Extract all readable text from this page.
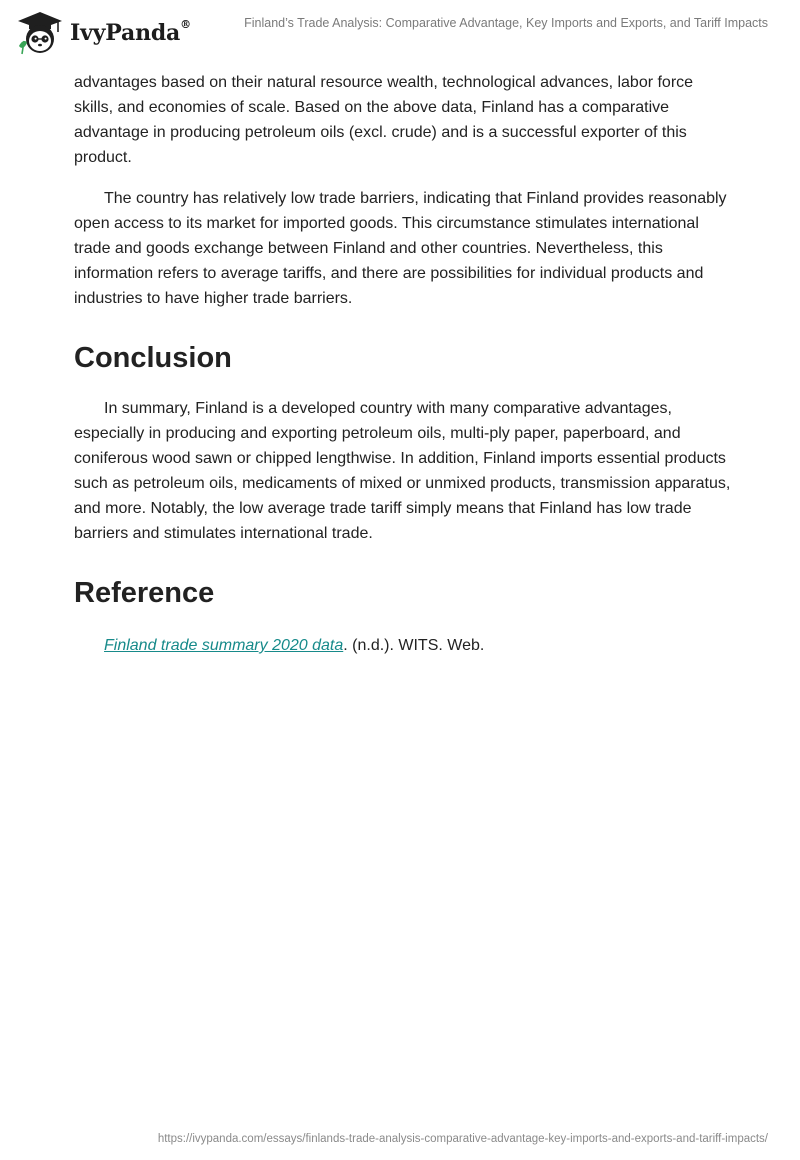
IvyPanda®	Finland’s Trade Analysis: Comparative Advantage, Key Imports and Exports, and Tariff Impacts

advantages based on their natural resource wealth, technological advances, labor force skills, and economies of scale. Based on the above data, Finland has a comparative advantage in producing petroleum oils (excl. crude) and is a successful exporter of this product.

The country has relatively low trade barriers, indicating that Finland provides reasonably open access to its market for imported goods. This circumstance stimulates international trade and goods exchange between Finland and other countries. Nevertheless, this information refers to average tariffs, and there are possibilities for individual products and industries to have higher trade barriers.

Conclusion

In summary, Finland is a developed country with many comparative advantages, especially in producing and exporting petroleum oils, multi-ply paper, paperboard, and coniferous wood sawn or chipped lengthwise. In addition, Finland imports essential products such as petroleum oils, medicaments of mixed or unmixed products, transmission apparatus, and more. Notably, the low average trade tariff simply means that Finland has low trade barriers and stimulates international trade.

Reference
Finland trade summary 2020 data. (n.d.). WITS. Web.
https://ivypanda.com/essays/finlands-trade-analysis-comparative-advantage-key-imports-and-exports-and-tariff-impacts/
